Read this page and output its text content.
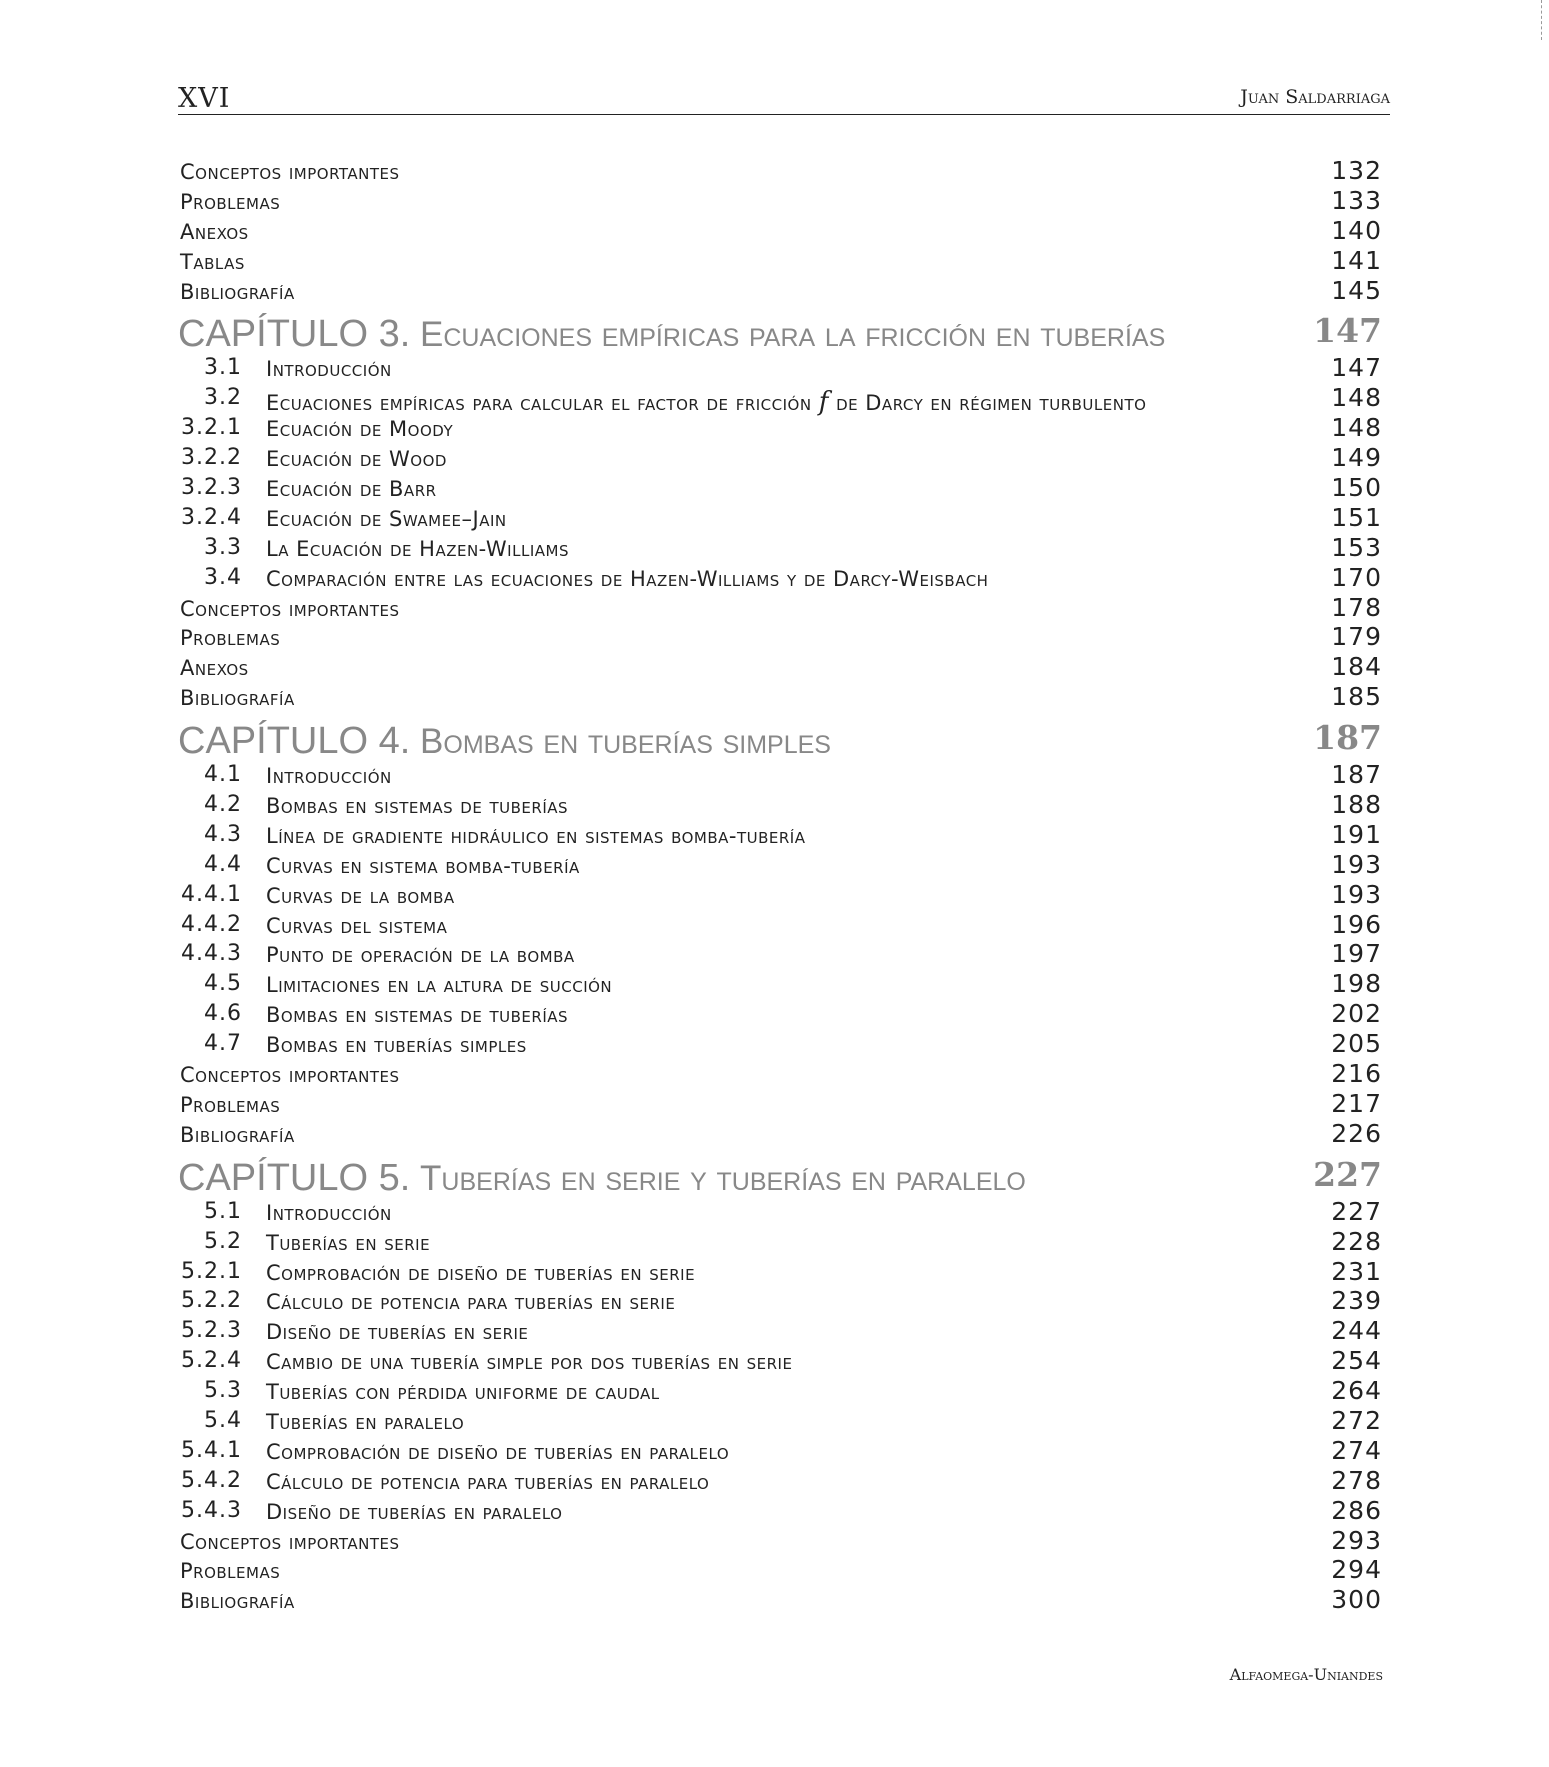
XVI	Juan Saldarriaga
Conceptos importantes	132
Problemas	133
Anexos	140
Tablas	141
Bibliografía	145
CAPÍTULO 3. Ecuaciones empíricas para la fricción en tuberías	147
3.1 Introducción	147
3.2 Ecuaciones empíricas para calcular el factor de fricción f de Darcy en régimen turbulento	148
3.2.1 Ecuación de Moody	148
3.2.2 Ecuación de Wood	149
3.2.3 Ecuación de Barr	150
3.2.4 Ecuación de Swamee–Jain	151
3.3 La Ecuación de Hazen-Williams	153
3.4 Comparación entre las ecuaciones de Hazen-Williams y de Darcy-Weisbach	170
Conceptos importantes	178
Problemas	179
Anexos	184
Bibliografía	185
CAPÍTULO 4. Bombas en tuberías simples	187
4.1 Introducción	187
4.2 Bombas en sistemas de tuberías	188
4.3 Línea de gradiente hidráulico en sistemas bomba-tubería	191
4.4 Curvas en sistema bomba-tubería	193
4.4.1 Curvas de la bomba	193
4.4.2 Curvas del sistema	196
4.4.3 Punto de operación de la bomba	197
4.5 Limitaciones en la altura de succión	198
4.6 Bombas en sistemas de tuberías	202
4.7 Bombas en tuberías simples	205
Conceptos importantes	216
Problemas	217
Bibliografía	226
CAPÍTULO 5. Tuberías en serie y tuberías en paralelo	227
5.1 Introducción	227
5.2 Tuberías en serie	228
5.2.1 Comprobación de diseño de tuberías en serie	231
5.2.2 Cálculo de potencia para tuberías en serie	239
5.2.3 Diseño de tuberías en serie	244
5.2.4 Cambio de una tubería simple por dos tuberías en serie	254
5.3 Tuberías con pérdida uniforme de caudal	264
5.4 Tuberías en paralelo	272
5.4.1 Comprobación de diseño de tuberías en paralelo	274
5.4.2 Cálculo de potencia para tuberías en paralelo	278
5.4.3 Diseño de tuberías en paralelo	286
Conceptos importantes	293
Problemas	294
Bibliografía	300
Alfaomega-Uniandes
